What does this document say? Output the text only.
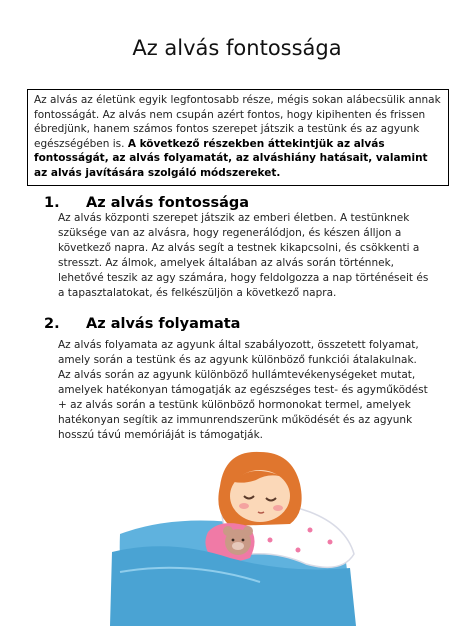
Az alvás fontossága
Az alvás az életünk egyik legfontosabb része, mégis sokan alábecsülik annak fontosságát. Az alvás nem csupán azért fontos, hogy kipihenten és frissen ébredjünk, hanem számos fontos szerepet játszik a testünk és az agyunk egészségében is. A következő részekben áttekintjük az alvás fontosságát, az alvás folyamatát, az alváshiány hatásait, valamint az alvás javítására szolgáló módszereket.
1. Az alvás fontossága
Az alvás központi szerepet játszik az emberi életben. A testünknek szüksége van az alvásra, hogy regenerálódjon, és készen álljon a következő napra. Az alvás segít a testnek kikapcsolni, és csökkenti a stresszt. Az álmok, amelyek általában az alvás során történnek, lehetővé teszik az agy számára, hogy feldolgozza a nap történéseit és a tapasztalatokat, és felkészüljön a következő napra.
2. Az alvás folyamata
Az alvás folyamata az agyunk által szabályozott, összetett folyamat, amely során a testünk és az agyunk különböző funkciói átalakulnak. Az alvás során az agyunk különböző hullámtevékenységeket mutat, amelyek hatékonyan támogatják az egészséges test- és agyműködést + az alvás során a testünk különböző hormonokat termel, amelyek hatékonyan segítik az immunrendszerünk működését és az agyunk hosszú távú memóriáját is támogatják.
